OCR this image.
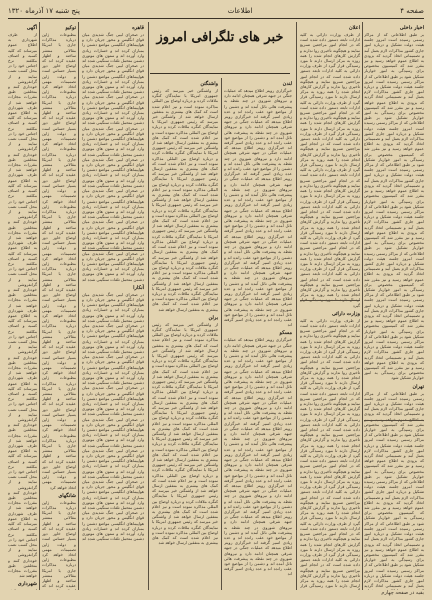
صفحه ۴
اطلاعات
پنج شنبه ۱۷ آذرماه ۱۳۲۰
خبر های تلگرافی امروز
اخبار داخلی

بر طبق اطلاعاتی که از مراکز رسمی رسیده است امروز جلسه هیئت دولت تشکیل و درباره امور جاری کشور مذاکرات لازم بعمل آمد و تصمیماتی اتخاذ گردید که بزودی به اطلاع عموم خواهد رسید و نیز مقرر شد که کمیسیون مخصوص برای رسیدگی به امور خواربار تشکیل شود بر طبق اطلاعاتی که از مراکز رسمی رسیده است امروز جلسه هیئت دولت تشکیل و درباره امور جاری کشور مذاکرات لازم بعمل آمد و تصمیماتی اتخاذ گردید که بزودی به اطلاع عموم خواهد رسید و نیز مقرر شد که کمیسیون مخصوص برای رسیدگی به امور خواربار تشکیل شود بر طبق اطلاعاتی که از مراکز رسمی رسیده است امروز جلسه هیئت دولت تشکیل و درباره امور جاری کشور مذاکرات لازم بعمل آمد و تصمیماتی اتخاذ گردید که بزودی به اطلاع عموم خواهد رسید و نیز مقرر شد که کمیسیون مخصوص برای رسیدگی به امور خواربار تشکیل شود بر طبق اطلاعاتی که از مراکز رسمی رسیده است امروز جلسه هیئت دولت تشکیل و درباره امور جاری کشور مذاکرات لازم بعمل آمد و تصمیماتی اتخاذ گردید که بزودی به اطلاع عموم خواهد رسید و نیز مقرر شد که کمیسیون مخصوص برای رسیدگی به امور خواربار تشکیل شود بر طبق اطلاعاتی که از مراکز رسمی رسیده است امروز جلسه هیئت دولت تشکیل و درباره امور جاری کشور مذاکرات لازم بعمل آمد و تصمیماتی اتخاذ گردید که بزودی به اطلاع عموم خواهد رسید و نیز مقرر شد که کمیسیون مخصوص برای رسیدگی به امور خواربار تشکیل شود بر طبق اطلاعاتی که از مراکز رسمی رسیده است امروز جلسه هیئت دولت تشکیل و درباره امور جاری کشور مذاکرات لازم بعمل آمد و تصمیماتی اتخاذ گردید که بزودی به اطلاع عموم خواهد رسید و نیز مقرر شد که کمیسیون مخصوص برای رسیدگی به امور خواربار تشکیل شود بر طبق اطلاعاتی که از مراکز رسمی رسیده است امروز جلسه هیئت دولت تشکیل و درباره امور جاری کشور مذاکرات لازم بعمل آمد و تصمیماتی اتخاذ گردید که بزودی به اطلاع عموم خواهد رسید و نیز مقرر شد که کمیسیون مخصوص برای رسیدگی به امور خواربار تشکیل شود بر طبق اطلاعاتی که از مراکز رسمی رسیده است امروز جلسه هیئت دولت تشکیل و درباره امور جاری کشور مذاکرات لازم بعمل آمد و تصمیماتی اتخاذ گردید که بزودی به اطلاع عموم خواهد رسید و نیز مقرر شد که کمیسیون مخصوص برای رسیدگی به امور خواربار تشکیل شود

تهران

بر طبق اطلاعاتی که از مراکز رسمی رسیده است امروز جلسه هیئت دولت تشکیل و درباره امور جاری کشور مذاکرات لازم بعمل آمد و تصمیماتی اتخاذ گردید که بزودی به اطلاع عموم خواهد رسید و نیز مقرر شد که کمیسیون مخصوص برای رسیدگی به امور خواربار تشکیل شود بر طبق اطلاعاتی که از مراکز رسمی رسیده است امروز جلسه هیئت دولت تشکیل و درباره امور جاری کشور مذاکرات لازم بعمل آمد و تصمیماتی اتخاذ گردید که بزودی به اطلاع عموم خواهد رسید و نیز مقرر شد که کمیسیون مخصوص برای رسیدگی به امور خواربار تشکیل شود بر طبق اطلاعاتی که از مراکز رسمی رسیده است امروز جلسه هیئت دولت تشکیل و درباره امور جاری کشور مذاکرات لازم بعمل آمد و تصمیماتی اتخاذ گردید که بزودی به اطلاع عموم خواهد رسید و نیز مقرر شد که کمیسیون مخصوص برای رسیدگی به امور خواربار تشکیل شود بر طبق اطلاعاتی که از مراکز رسمی رسیده است امروز جلسه هیئت دولت تشکیل و درباره امور جاری کشور مذاکرات لازم بعمل آمد و تصمیماتی اتخاذ گردید که بزودی به اطلاع عموم خواهد رسید و نیز مقرر شد که کمیسیون مخصوص برای رسیدگی به امور خواربار تشکیل شود بر طبق اطلاعاتی که از مراکز رسمی رسیده است امروز جلسه هیئت دولت تشکیل و درباره امور جاری کشور مذاکرات لازم بعمل آمد و تصمیماتی اتخاذ گردید

اعلان

از طرف وزارت دارائی به کلیه ادارات تابعه دستور داده شده است که در انجام امور مراجعین تسریع نمایند و هیچگونه تأخیری روا ندارند و گزارش کارهای انجام شده را همه روزه به مرکز ارسال دارند تا مورد رسیدگی قرار گیرد از طرف وزارت دارائی به کلیه ادارات تابعه دستور داده شده است که در انجام امور مراجعین تسریع نمایند و هیچگونه تأخیری روا ندارند و گزارش کارهای انجام شده را همه روزه به مرکز ارسال دارند تا مورد رسیدگی قرار گیرد از طرف وزارت دارائی به کلیه ادارات تابعه دستور داده شده است که در انجام امور مراجعین تسریع نمایند و هیچگونه تأخیری روا ندارند و گزارش کارهای انجام شده را همه روزه به مرکز ارسال دارند تا مورد رسیدگی قرار گیرد از طرف وزارت دارائی به کلیه ادارات تابعه دستور داده شده است که در انجام امور مراجعین تسریع نمایند و هیچگونه تأخیری روا ندارند و گزارش کارهای انجام شده را همه روزه به مرکز ارسال دارند تا مورد رسیدگی قرار گیرد از طرف وزارت دارائی به کلیه ادارات تابعه دستور داده شده است که در انجام امور مراجعین تسریع نمایند و هیچگونه تأخیری روا ندارند و گزارش کارهای انجام شده را همه روزه به مرکز ارسال دارند تا مورد رسیدگی قرار گیرد از طرف وزارت دارائی به کلیه ادارات تابعه دستور داده شده است که در انجام امور مراجعین تسریع نمایند و هیچگونه تأخیری روا ندارند و گزارش کارهای انجام شده را همه روزه به مرکز ارسال دارند تا مورد رسیدگی قرار گیرد از طرف وزارت دارائی به کلیه ادارات تابعه دستور داده شده است که در انجام امور مراجعین تسریع نمایند و هیچگونه تأخیری روا ندارند و گزارش کارهای انجام شده را همه روزه به مرکز ارسال دارند تا مورد رسیدگی قرار گیرد از طرف وزارت دارائی به کلیه ادارات تابعه دستور داده شده است که در انجام امور مراجعین تسریع نمایند و هیچگونه تأخیری روا ندارند و گزارش کارهای انجام شده را همه روزه به مرکز ارسال دارند تا مورد رسیدگی قرار گیرد

وزارت دارائی

از طرف وزارت دارائی به کلیه ادارات تابعه دستور داده شده است که در انجام امور مراجعین تسریع نمایند و هیچگونه تأخیری روا ندارند و گزارش کارهای انجام شده را همه روزه به مرکز ارسال دارند تا مورد رسیدگی قرار گیرد از طرف وزارت دارائی به کلیه ادارات تابعه دستور داده شده است که در انجام امور مراجعین تسریع نمایند و هیچگونه تأخیری روا ندارند و گزارش کارهای انجام شده را همه روزه به مرکز ارسال دارند تا مورد رسیدگی قرار گیرد از طرف وزارت دارائی به کلیه ادارات تابعه دستور داده شده است که در انجام امور مراجعین تسریع نمایند و هیچگونه تأخیری روا ندارند و گزارش کارهای انجام شده را همه روزه به مرکز ارسال دارند تا مورد رسیدگی قرار گیرد از طرف وزارت دارائی به کلیه ادارات تابعه دستور داده شده است که در انجام امور مراجعین تسریع نمایند و هیچگونه تأخیری روا ندارند و گزارش کارهای انجام شده را همه روزه به مرکز ارسال دارند تا مورد رسیدگی قرار گیرد از طرف وزارت دارائی به کلیه ادارات تابعه دستور داده شده است که در انجام امور مراجعین تسریع نمایند و هیچگونه تأخیری روا ندارند و گزارش کارهای انجام شده را همه روزه به مرکز ارسال دارند تا مورد رسیدگی قرار گیرد از طرف وزارت دارائی به کلیه ادارات تابعه دستور داده شده است که در انجام امور مراجعین تسریع نمایند و هیچگونه تأخیری روا ندارند و گزارش کارهای انجام شده را همه روزه به مرکز ارسال دارند تا مورد رسیدگی قرار گیرد از طرف وزارت دارائی به کلیه ادارات تابعه دستور داده شده است که در انجام امور مراجعین تسریع نمایند و هیچگونه تأخیری روا ندارند و گزارش کارهای انجام شده را همه روزه به مرکز ارسال دارند تا مورد رسیدگی قرار گیرد از طرف وزارت دارائی به کلیه ادارات تابعه دستور داده شده است که در انجام امور مراجعین تسریع نمایند و هیچگونه تأخیری روا ندارند و گزارش کارهای انجام شده را همه روزه به مرکز ارسال دارند تا مورد رسیدگی قرار

لندن

خبرگزاری رویتر اطلاع میدهد که عملیات جنگی در جبهه شرقی همچنان ادامه دارد و نیروهای شوروی در چند نقطه به پیشرفت هائی نائل آمده اند و دشمن را از مواضع خود عقب رانده اند و عده زیادی اسیر گرفته اند خبرگزاری رویتر اطلاع میدهد که عملیات جنگی در جبهه شرقی همچنان ادامه دارد و نیروهای شوروی در چند نقطه به پیشرفت هائی نائل آمده اند و دشمن را از مواضع خود عقب رانده اند و عده زیادی اسیر گرفته اند خبرگزاری رویتر اطلاع میدهد که عملیات جنگی در جبهه شرقی همچنان ادامه دارد و نیروهای شوروی در چند نقطه به پیشرفت هائی نائل آمده اند و دشمن را از مواضع خود عقب رانده اند و عده زیادی اسیر گرفته اند خبرگزاری رویتر اطلاع میدهد که عملیات جنگی در جبهه شرقی همچنان ادامه دارد و نیروهای شوروی در چند نقطه به پیشرفت هائی نائل آمده اند و دشمن را از مواضع خود عقب رانده اند و عده زیادی اسیر گرفته اند خبرگزاری رویتر اطلاع میدهد که عملیات جنگی در جبهه شرقی همچنان ادامه دارد و نیروهای شوروی در چند نقطه به پیشرفت هائی نائل آمده اند و دشمن را از مواضع خود عقب رانده اند و عده زیادی اسیر گرفته اند خبرگزاری رویتر اطلاع میدهد که عملیات جنگی در جبهه شرقی همچنان ادامه دارد و نیروهای شوروی در چند نقطه به پیشرفت هائی نائل آمده اند و دشمن را از مواضع خود عقب رانده اند و عده زیادی اسیر گرفته اند خبرگزاری رویتر اطلاع میدهد که عملیات جنگی در جبهه شرقی همچنان ادامه دارد و نیروهای شوروی در چند نقطه به پیشرفت هائی نائل آمده اند و دشمن را از مواضع خود عقب رانده اند و عده زیادی اسیر گرفته اند خبرگزاری رویتر اطلاع میدهد که عملیات جنگی در جبهه شرقی همچنان ادامه دارد و نیروهای شوروی در چند نقطه به پیشرفت هائی نائل آمده اند و دشمن را از مواضع خود عقب رانده اند و عده زیادی اسیر گرفته اند

مسکو

خبرگزاری رویتر اطلاع میدهد که عملیات جنگی در جبهه شرقی همچنان ادامه دارد و نیروهای شوروی در چند نقطه به پیشرفت هائی نائل آمده اند و دشمن را از مواضع خود عقب رانده اند و عده زیادی اسیر گرفته اند خبرگزاری رویتر اطلاع میدهد که عملیات جنگی در جبهه شرقی همچنان ادامه دارد و نیروهای شوروی در چند نقطه به پیشرفت هائی نائل آمده اند و دشمن را از مواضع خود عقب رانده اند و عده زیادی اسیر گرفته اند خبرگزاری رویتر اطلاع میدهد که عملیات جنگی در جبهه شرقی همچنان ادامه دارد و نیروهای شوروی در چند نقطه به پیشرفت هائی نائل آمده اند و دشمن را از مواضع خود عقب رانده اند و عده زیادی اسیر گرفته اند خبرگزاری رویتر اطلاع میدهد که عملیات جنگی در جبهه شرقی همچنان ادامه دارد و نیروهای شوروی در چند نقطه به پیشرفت هائی نائل آمده اند و دشمن را از مواضع خود عقب رانده اند و عده زیادی اسیر گرفته اند خبرگزاری رویتر اطلاع میدهد که عملیات جنگی در جبهه شرقی همچنان ادامه دارد و نیروهای شوروی در چند نقطه به پیشرفت هائی نائل آمده اند و دشمن را از مواضع خود عقب رانده اند و عده زیادی اسیر گرفته اند خبرگزاری رویتر اطلاع میدهد که عملیات جنگی در جبهه شرقی همچنان ادامه دارد و نیروهای شوروی در چند نقطه به پیشرفت هائی نائل آمده اند و دشمن را از مواضع خود عقب رانده اند و عده زیادی اسیر گرفته اند خبرگزاری رویتر اطلاع میدهد که عملیات جنگی در جبهه شرقی همچنان ادامه دارد و نیروهای شوروی در چند نقطه به پیشرفت هائی نائل آمده اند و دشمن را از مواضع خود عقب رانده اند و عده زیادی اسیر گرفته اند خبرگزاری رویتر اطلاع میدهد که عملیات جنگی در جبهه شرقی همچنان ادامه دارد و نیروهای شوروی در چند نقطه به پیشرفت هائی نائل آمده اند و دشمن را از مواضع خود عقب رانده اند و عده زیادی اسیر گرفته اند

واشنگتن

از واشنگتن خبر میرسد که رئیس جمهوری امریکا با نمایندگان کنگره ملاقات کرده و درباره اوضاع بین المللی مذاکره نموده است و نیز اعلام شده است که کمک های بیشتری به متفقین ارسال خواهد شد از واشنگتن خبر میرسد که رئیس جمهوری امریکا با نمایندگان کنگره ملاقات کرده و درباره اوضاع بین المللی مذاکره نموده است و نیز اعلام شده است که کمک های بیشتری به متفقین ارسال خواهد شد از واشنگتن خبر میرسد که رئیس جمهوری امریکا با نمایندگان کنگره ملاقات کرده و درباره اوضاع بین المللی مذاکره نموده است و نیز اعلام شده است که کمک های بیشتری به متفقین ارسال خواهد شد از واشنگتن خبر میرسد که رئیس جمهوری امریکا با نمایندگان کنگره ملاقات کرده و درباره اوضاع بین المللی مذاکره نموده است و نیز اعلام شده است که کمک های بیشتری به متفقین ارسال خواهد شد از واشنگتن خبر میرسد که رئیس جمهوری امریکا با نمایندگان کنگره ملاقات کرده و درباره اوضاع بین المللی مذاکره نموده است و نیز اعلام شده است که کمک های بیشتری به متفقین ارسال خواهد شد از واشنگتن خبر میرسد که رئیس جمهوری امریکا با نمایندگان کنگره ملاقات کرده و درباره اوضاع بین المللی مذاکره نموده است و نیز اعلام شده است که کمک های بیشتری به متفقین ارسال خواهد شد از واشنگتن خبر میرسد که رئیس جمهوری امریکا با نمایندگان کنگره ملاقات کرده و درباره اوضاع بین المللی مذاکره نموده است و نیز اعلام شده است که کمک های بیشتری به متفقین ارسال خواهد شد از واشنگتن خبر میرسد که رئیس جمهوری امریکا با نمایندگان کنگره ملاقات کرده و درباره اوضاع بین المللی مذاکره نموده است و نیز اعلام شده است که کمک های بیشتری به متفقین ارسال خواهد شد

برلن

از واشنگتن خبر میرسد که رئیس جمهوری امریکا با نمایندگان کنگره ملاقات کرده و درباره اوضاع بین المللی مذاکره نموده است و نیز اعلام شده است که کمک های بیشتری به متفقین ارسال خواهد شد از واشنگتن خبر میرسد که رئیس جمهوری امریکا با نمایندگان کنگره ملاقات کرده و درباره اوضاع بین المللی مذاکره نموده است و نیز اعلام شده است که کمک های بیشتری به متفقین ارسال خواهد شد از واشنگتن خبر میرسد که رئیس جمهوری امریکا با نمایندگان کنگره ملاقات کرده و درباره اوضاع بین المللی مذاکره نموده است و نیز اعلام شده است که کمک های بیشتری به متفقین ارسال خواهد شد از واشنگتن خبر میرسد که رئیس جمهوری امریکا با نمایندگان کنگره ملاقات کرده و درباره اوضاع بین المللی مذاکره نموده است و نیز اعلام شده است که کمک های بیشتری به متفقین ارسال خواهد شد از واشنگتن خبر میرسد که رئیس جمهوری امریکا با نمایندگان کنگره ملاقات کرده و درباره اوضاع بین المللی مذاکره نموده است و نیز اعلام شده است که کمک های بیشتری به متفقین ارسال خواهد شد از واشنگتن خبر میرسد که رئیس جمهوری امریکا با نمایندگان کنگره ملاقات کرده و درباره اوضاع بین المللی مذاکره نموده است و نیز اعلام شده است که کمک های بیشتری به متفقین ارسال خواهد شد از واشنگتن خبر میرسد که رئیس جمهوری امریکا با نمایندگان کنگره ملاقات کرده و درباره اوضاع بین المللی مذاکره نموده است و نیز اعلام شده است که کمک های بیشتری به متفقین ارسال خواهد شد از واشنگتن خبر میرسد که رئیس جمهوری امریکا با نمایندگان کنگره ملاقات کرده و درباره اوضاع بین المللی مذاکره نموده است و نیز اعلام شده است که کمک های بیشتری به متفقین ارسال خواهد شد

قاهره

در صحرای لیبی جنگ شدیدی میان قوای انگلیس و محور جریان دارد و هواپیماهای انگلیسی مواضع دشمن را بمباران کرده اند و خسارات زیادی وارد آورده اند و ستون های موتوری دشمن متحمل تلفات سنگینی شده اند در صحرای لیبی جنگ شدیدی میان قوای انگلیس و محور جریان دارد و هواپیماهای انگلیسی مواضع دشمن را بمباران کرده اند و خسارات زیادی وارد آورده اند و ستون های موتوری دشمن متحمل تلفات سنگینی شده اند در صحرای لیبی جنگ شدیدی میان قوای انگلیس و محور جریان دارد و هواپیماهای انگلیسی مواضع دشمن را بمباران کرده اند و خسارات زیادی وارد آورده اند و ستون های موتوری دشمن متحمل تلفات سنگینی شده اند در صحرای لیبی جنگ شدیدی میان قوای انگلیس و محور جریان دارد و هواپیماهای انگلیسی مواضع دشمن را بمباران کرده اند و خسارات زیادی وارد آورده اند و ستون های موتوری دشمن متحمل تلفات سنگینی شده اند در صحرای لیبی جنگ شدیدی میان قوای انگلیس و محور جریان دارد و هواپیماهای انگلیسی مواضع دشمن را بمباران کرده اند و خسارات زیادی وارد آورده اند و ستون های موتوری دشمن متحمل تلفات سنگینی شده اند در صحرای لیبی جنگ شدیدی میان قوای انگلیس و محور جریان دارد و هواپیماهای انگلیسی مواضع دشمن را بمباران کرده اند و خسارات زیادی وارد آورده اند و ستون های موتوری دشمن متحمل تلفات سنگینی شده اند در صحرای لیبی جنگ شدیدی میان قوای انگلیس و محور جریان دارد و هواپیماهای انگلیسی مواضع دشمن را بمباران کرده اند و خسارات زیادی وارد آورده اند و ستون های موتوری دشمن متحمل تلفات سنگینی شده اند در صحرای لیبی جنگ شدیدی میان قوای انگلیس و محور جریان دارد و هواپیماهای انگلیسی مواضع دشمن را بمباران کرده اند و خسارات زیادی وارد آورده اند و ستون های موتوری دشمن متحمل تلفات سنگینی شده اند

آنکارا

در صحرای لیبی جنگ شدیدی میان قوای انگلیس و محور جریان دارد و هواپیماهای انگلیسی مواضع دشمن را بمباران کرده اند و خسارات زیادی وارد آورده اند و ستون های موتوری دشمن متحمل تلفات سنگینی شده اند در صحرای لیبی جنگ شدیدی میان قوای انگلیس و محور جریان دارد و هواپیماهای انگلیسی مواضع دشمن را بمباران کرده اند و خسارات زیادی وارد آورده اند و ستون های موتوری دشمن متحمل تلفات سنگینی شده اند در صحرای لیبی جنگ شدیدی میان قوای انگلیس و محور جریان دارد و هواپیماهای انگلیسی مواضع دشمن را بمباران کرده اند و خسارات زیادی وارد آورده اند و ستون های موتوری دشمن متحمل تلفات سنگینی شده اند در صحرای لیبی جنگ شدیدی میان قوای انگلیس و محور جریان دارد و هواپیماهای انگلیسی مواضع دشمن را بمباران کرده اند و خسارات زیادی وارد آورده اند و ستون های موتوری دشمن متحمل تلفات سنگینی شده اند در صحرای لیبی جنگ شدیدی میان قوای انگلیس و محور جریان دارد و هواپیماهای انگلیسی مواضع دشمن را بمباران کرده اند و خسارات زیادی وارد آورده اند و ستون های موتوری دشمن متحمل تلفات سنگینی شده اند در صحرای لیبی جنگ شدیدی میان قوای انگلیس و محور جریان دارد و هواپیماهای انگلیسی مواضع دشمن را بمباران کرده اند و خسارات زیادی وارد آورده اند و ستون های موتوری دشمن متحمل تلفات سنگینی شده اند در صحرای لیبی جنگ شدیدی میان قوای انگلیس و محور جریان دارد و هواپیماهای انگلیسی مواضع دشمن را بمباران کرده اند و خسارات زیادی وارد آورده اند و ستون های موتوری دشمن متحمل تلفات سنگینی شده اند در صحرای لیبی جنگ شدیدی میان قوای انگلیس و محور جریان دارد و هواپیماهای انگلیسی مواضع دشمن را بمباران کرده اند و خسارات زیادی وارد آورده اند و ستون های موتوری دشمن متحمل تلفات سنگینی شده اند

توکیو

مطبوعات ژاپن درباره مذاکرات جاری با امریکا مقالاتی منتشر ساخته و اظهار عقیده کرده اند که اوضاع خاور دور بسیار حساس است و دولت ژاپن تصمیمات مهمی اتخاذ خواهد کرد مطبوعات ژاپن درباره مذاکرات جاری با امریکا مقالاتی منتشر ساخته و اظهار عقیده کرده اند که اوضاع خاور دور بسیار حساس است و دولت ژاپن تصمیمات مهمی اتخاذ خواهد کرد مطبوعات ژاپن درباره مذاکرات جاری با امریکا مقالاتی منتشر ساخته و اظهار عقیده کرده اند که اوضاع خاور دور بسیار حساس است و دولت ژاپن تصمیمات مهمی اتخاذ خواهد کرد مطبوعات ژاپن درباره مذاکرات جاری با امریکا مقالاتی منتشر ساخته و اظهار عقیده کرده اند که اوضاع خاور دور بسیار حساس است و دولت ژاپن تصمیمات مهمی اتخاذ خواهد کرد مطبوعات ژاپن درباره مذاکرات جاری با امریکا مقالاتی منتشر ساخته و اظهار عقیده کرده اند که اوضاع خاور دور بسیار حساس است و دولت ژاپن تصمیمات مهمی اتخاذ خواهد کرد مطبوعات ژاپن درباره مذاکرات جاری با امریکا مقالاتی منتشر ساخته و اظهار عقیده کرده اند که اوضاع خاور دور بسیار حساس است و دولت ژاپن تصمیمات مهمی اتخاذ خواهد کرد مطبوعات ژاپن درباره مذاکرات جاری با امریکا مقالاتی منتشر ساخته و اظهار عقیده کرده اند که اوضاع خاور دور بسیار حساس است و دولت ژاپن تصمیمات مهمی اتخاذ خواهد کرد مطبوعات ژاپن درباره مذاکرات جاری با امریکا مقالاتی منتشر ساخته و اظهار عقیده کرده اند که اوضاع خاور دور بسیار حساس است و دولت ژاپن تصمیمات مهمی اتخاذ خواهد کرد

شانگهای

مطبوعات ژاپن درباره مذاکرات جاری با امریکا مقالاتی منتشر ساخته و اظهار عقیده کرده اند که اوضاع خاور دور بسیار حساس است و دولت ژاپن تصمیمات مهمی اتخاذ خواهد کرد مطبوعات ژاپن درباره مذاکرات جاری با امریکا مقالاتی منتشر ساخته و اظهار عقیده کرده اند که

آگهی

از طرف شهرداری به اطلاع عموم میرساند که کلیه کسبه و اصناف مکلفند نرخ اجناس خود را در محل کسب نصب نمایند و از گرانفروشی خودداری کنند و متخلفین طبق مقررات مجازات خواهند شد از طرف شهرداری به اطلاع عموم میرساند که کلیه کسبه و اصناف مکلفند نرخ اجناس خود را در محل کسب نصب نمایند و از گرانفروشی خودداری کنند و متخلفین طبق مقررات مجازات خواهند شد از طرف شهرداری به اطلاع عموم میرساند که کلیه کسبه و اصناف مکلفند نرخ اجناس خود را در محل کسب نصب نمایند و از گرانفروشی خودداری کنند و متخلفین طبق مقررات مجازات خواهند شد از طرف شهرداری به اطلاع عموم میرساند که کلیه کسبه و اصناف مکلفند نرخ اجناس خود را در محل کسب نصب نمایند و از گرانفروشی خودداری کنند و متخلفین طبق مقررات مجازات خواهند شد از طرف شهرداری به اطلاع عموم میرساند که کلیه کسبه و اصناف مکلفند نرخ اجناس خود را در محل کسب نصب نمایند و از گرانفروشی خودداری کنند و متخلفین طبق مقررات مجازات خواهند شد از طرف شهرداری به اطلاع عموم میرساند که کلیه کسبه و اصناف مکلفند نرخ اجناس خود را در محل کسب نصب نمایند و از گرانفروشی خودداری کنند و متخلفین طبق مقررات مجازات خواهند شد از طرف شهرداری به اطلاع عموم میرساند که کلیه کسبه و اصناف مکلفند نرخ اجناس خود را در محل کسب نصب نمایند و از گرانفروشی خودداری کنند و متخلفین طبق مقررات مجازات خواهند شد از طرف شهرداری به اطلاع عموم میرساند که کلیه کسبه و اصناف مکلفند نرخ اجناس خود را در محل کسب نصب نمایند و از گرانفروشی خودداری کنند و متخلفین طبق مقررات مجازات خواهند شد

شهرداری

بقیه در صفحه چهارم
